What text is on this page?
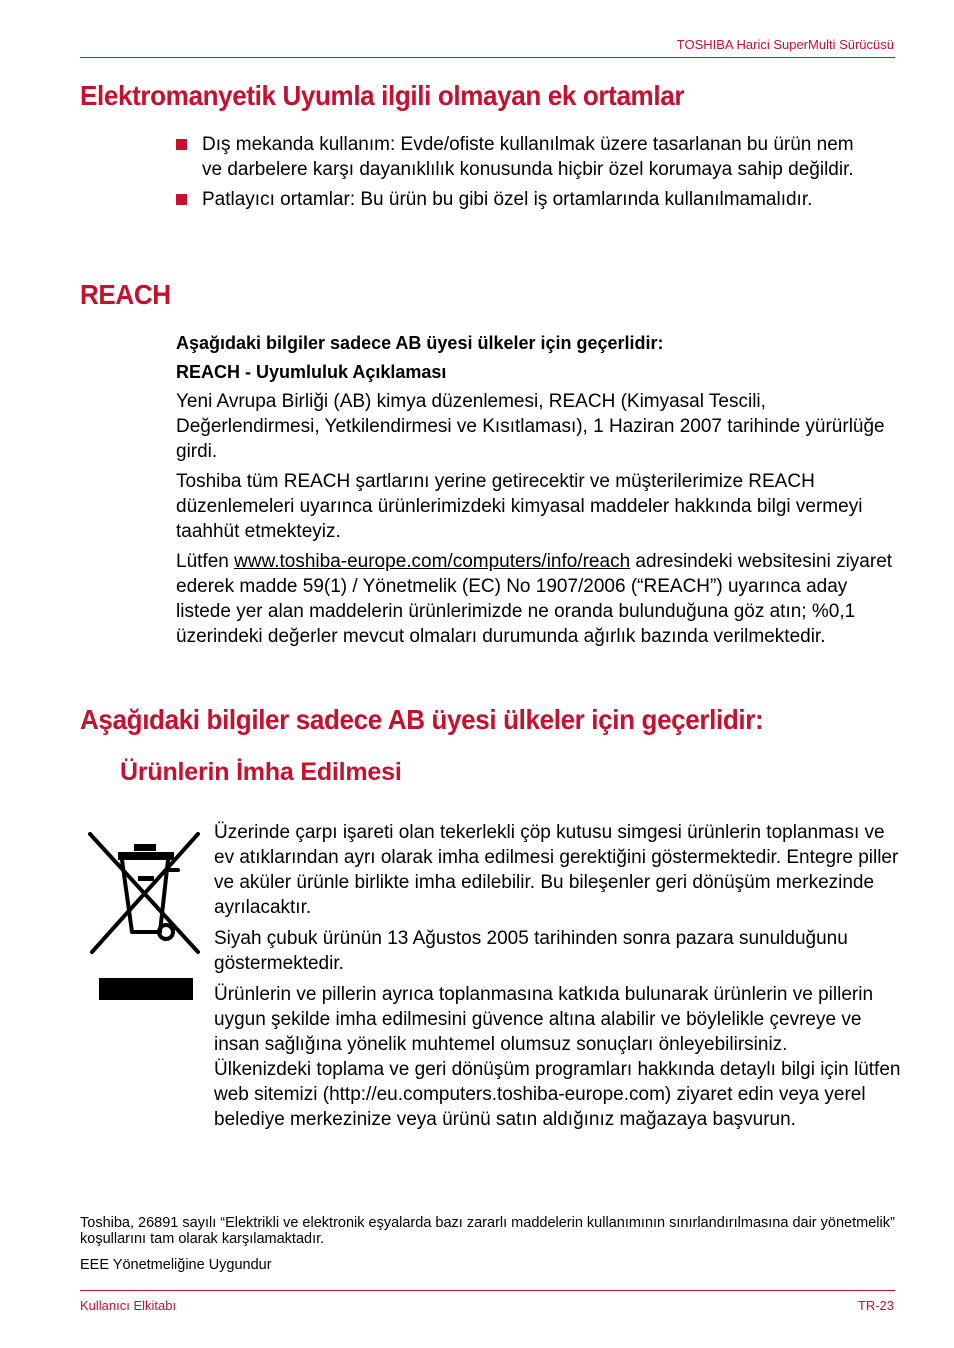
TOSHIBA Harici SuperMulti Sürücüsü
Elektromanyetik Uyumla ilgili olmayan ek ortamlar
Dış mekanda kullanım: Evde/ofiste kullanılmak üzere tasarlanan bu ürün nem ve darbelere karşı dayanıklılık konusunda hiçbir özel korumaya sahip değildir.
Patlayıcı ortamlar: Bu ürün bu gibi özel iş ortamlarında kullanılmamalıdır.
REACH

Aşağıdaki bilgiler sadece AB üyesi ülkeler için geçerlidir:

REACH - Uyumluluk Açıklaması

Yeni Avrupa Birliği (AB) kimya düzenlemesi, REACH (Kimyasal Tescili, Değerlendirmesi, Yetkilendirmesi ve Kısıtlaması), 1 Haziran 2007 tarihinde yürürlüğe girdi.

Toshiba tüm REACH şartlarını yerine getirecektir ve müşterilerimize REACH düzenlemeleri uyarınca ürünlerimizdeki kimyasal maddeler hakkında bilgi vermeyi taahhüt etmekteyiz.

Lütfen www.toshiba-europe.com/computers/info/reach adresindeki websitesini ziyaret ederek madde 59(1) / Yönetmelik (EC) No 1907/2006 (“REACH”) uyarınca aday listede yer alan maddelerin ürünlerimizde ne oranda bulunduğuna göz atın; %0,1 üzerindeki değerler mevcut olmaları durumunda ağırlık bazında verilmektedir.

Aşağıdaki bilgiler sadece AB üyesi ülkeler için geçerlidir:
Ürünlerin İmha Edilmesi

Üzerinde çarpı işareti olan tekerlekli çöp kutusu simgesi ürünlerin toplanması ve ev atıklarından ayrı olarak imha edilmesi gerektiğini göstermektedir. Entegre piller ve aküler ürünle birlikte imha edilebilir. Bu bileşenler geri dönüşüm merkezinde ayrılacaktır.

Siyah çubuk ürünün 13 Ağustos 2005 tarihinden sonra pazara sunulduğunu göstermektedir.

Ürünlerin ve pillerin ayrıca toplanmasına katkıda bulunarak ürünlerin ve pillerin uygun şekilde imha edilmesini güvence altına alabilir ve böylelikle çevreye ve insan sağlığına yönelik muhtemel olumsuz sonuçları önleyebilirsiniz.

Ülkenizdeki toplama ve geri dönüşüm programları hakkında detaylı bilgi için lütfen web sitemizi (http://eu.computers.toshiba-europe.com) ziyaret edin veya yerel belediye merkezinize veya ürünü satın aldığınız mağazaya başvurun.

Toshiba, 26891 sayılı “Elektrikli ve elektronik eşyalarda bazı zararlı maddelerin kullanımının sınırlandırılmasına dair yönetmelik” koşullarını tam olarak karşılamaktadır.

EEE Yönetmeliğine Uygundur

Kullanıcı Elkitabı	TR-23
